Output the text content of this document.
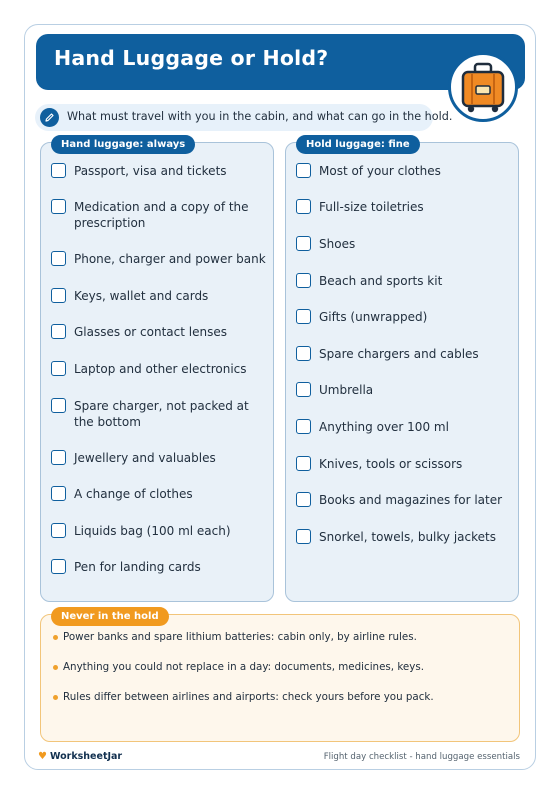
Hand Luggage or Hold?
What must travel with you in the cabin, and what can go in the hold.
Hand luggage: always
Passport, visa and tickets
Medication and a copy of the prescription
Phone, charger and power bank
Keys, wallet and cards
Glasses or contact lenses
Laptop and other electronics
Spare charger, not packed at the bottom
Jewellery and valuables
A change of clothes
Liquids bag (100 ml each)
Pen for landing cards
Hold luggage: fine
Most of your clothes
Full-size toiletries
Shoes
Beach and sports kit
Gifts (unwrapped)
Spare chargers and cables
Umbrella
Anything over 100 ml
Knives, tools or scissors
Books and magazines for later
Snorkel, towels, bulky jackets
Never in the hold
Power banks and spare lithium batteries: cabin only, by airline rules.
Anything you could not replace in a day: documents, medicines, keys.
Rules differ between airlines and airports: check yours before you pack.
♥ WorksheetJar	Flight day checklist - hand luggage essentials
